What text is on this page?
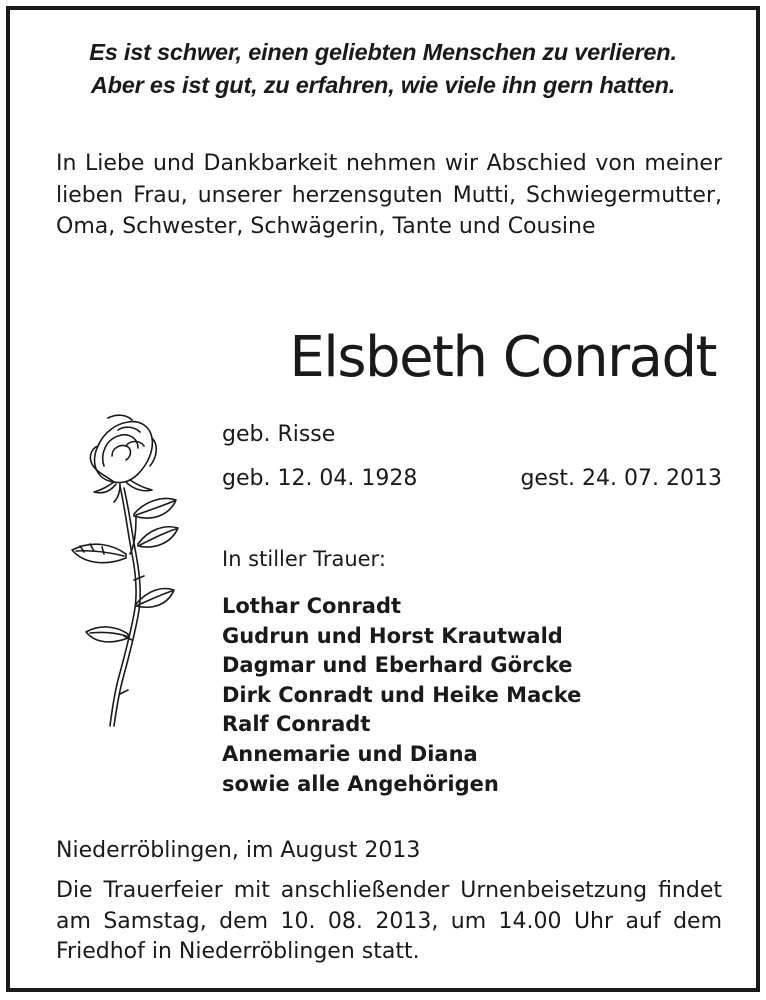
Es ist schwer, einen geliebten Menschen zu verlieren.
Aber es ist gut, zu erfahren, wie viele ihn gern hatten.

In Liebe und Dankbarkeit nehmen wir Abschied von meiner lieben Frau, unserer herzensguten Mutti, Schwiegermutter, Oma, Schwester, Schwägerin, Tante und Cousine

Elsbeth Conradt

geb. Risse

geb. 12. 04. 1928	gest. 24. 07. 2013

In stiller Trauer:

Lothar Conradt
Gudrun und Horst Krautwald
Dagmar und Eberhard Görcke
Dirk Conradt und Heike Macke
Ralf Conradt
Annemarie und Diana
sowie alle Angehörigen

Niederröblingen, im August 2013

Die Trauerfeier mit anschließender Urnenbeisetzung findet am Samstag, dem 10. 08. 2013, um 14.00 Uhr auf dem Friedhof in Niederröblingen statt.
